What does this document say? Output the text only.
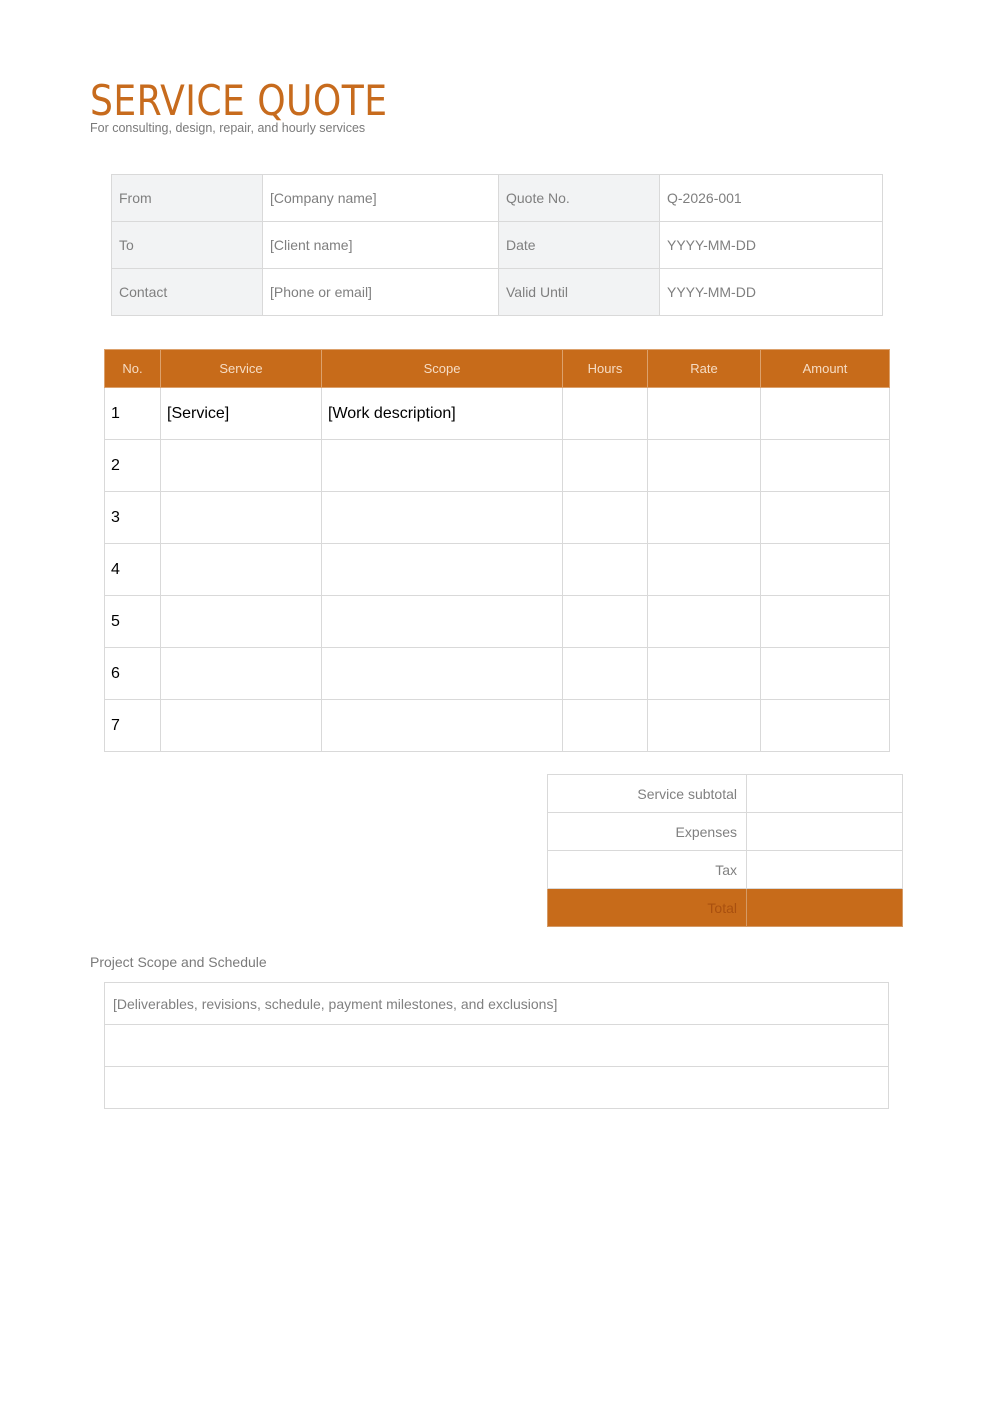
SERVICE QUOTE
For consulting, design, repair, and hourly services
From	[Company name]	Quote No.	Q-2026-001
To	[Client name]	Date	YYYY-MM-DD
Contact	[Phone or email]	Valid Until	YYYY-MM-DD
No.	Service	Scope	Hours	Rate	Amount
1	[Service]	[Work description]			
2					
3					
4					
5					
6					
7					
Service subtotal	
Expenses	
Tax	
Total	
Project Scope and Schedule
[Deliverables, revisions, schedule, payment milestones, and exclusions]
